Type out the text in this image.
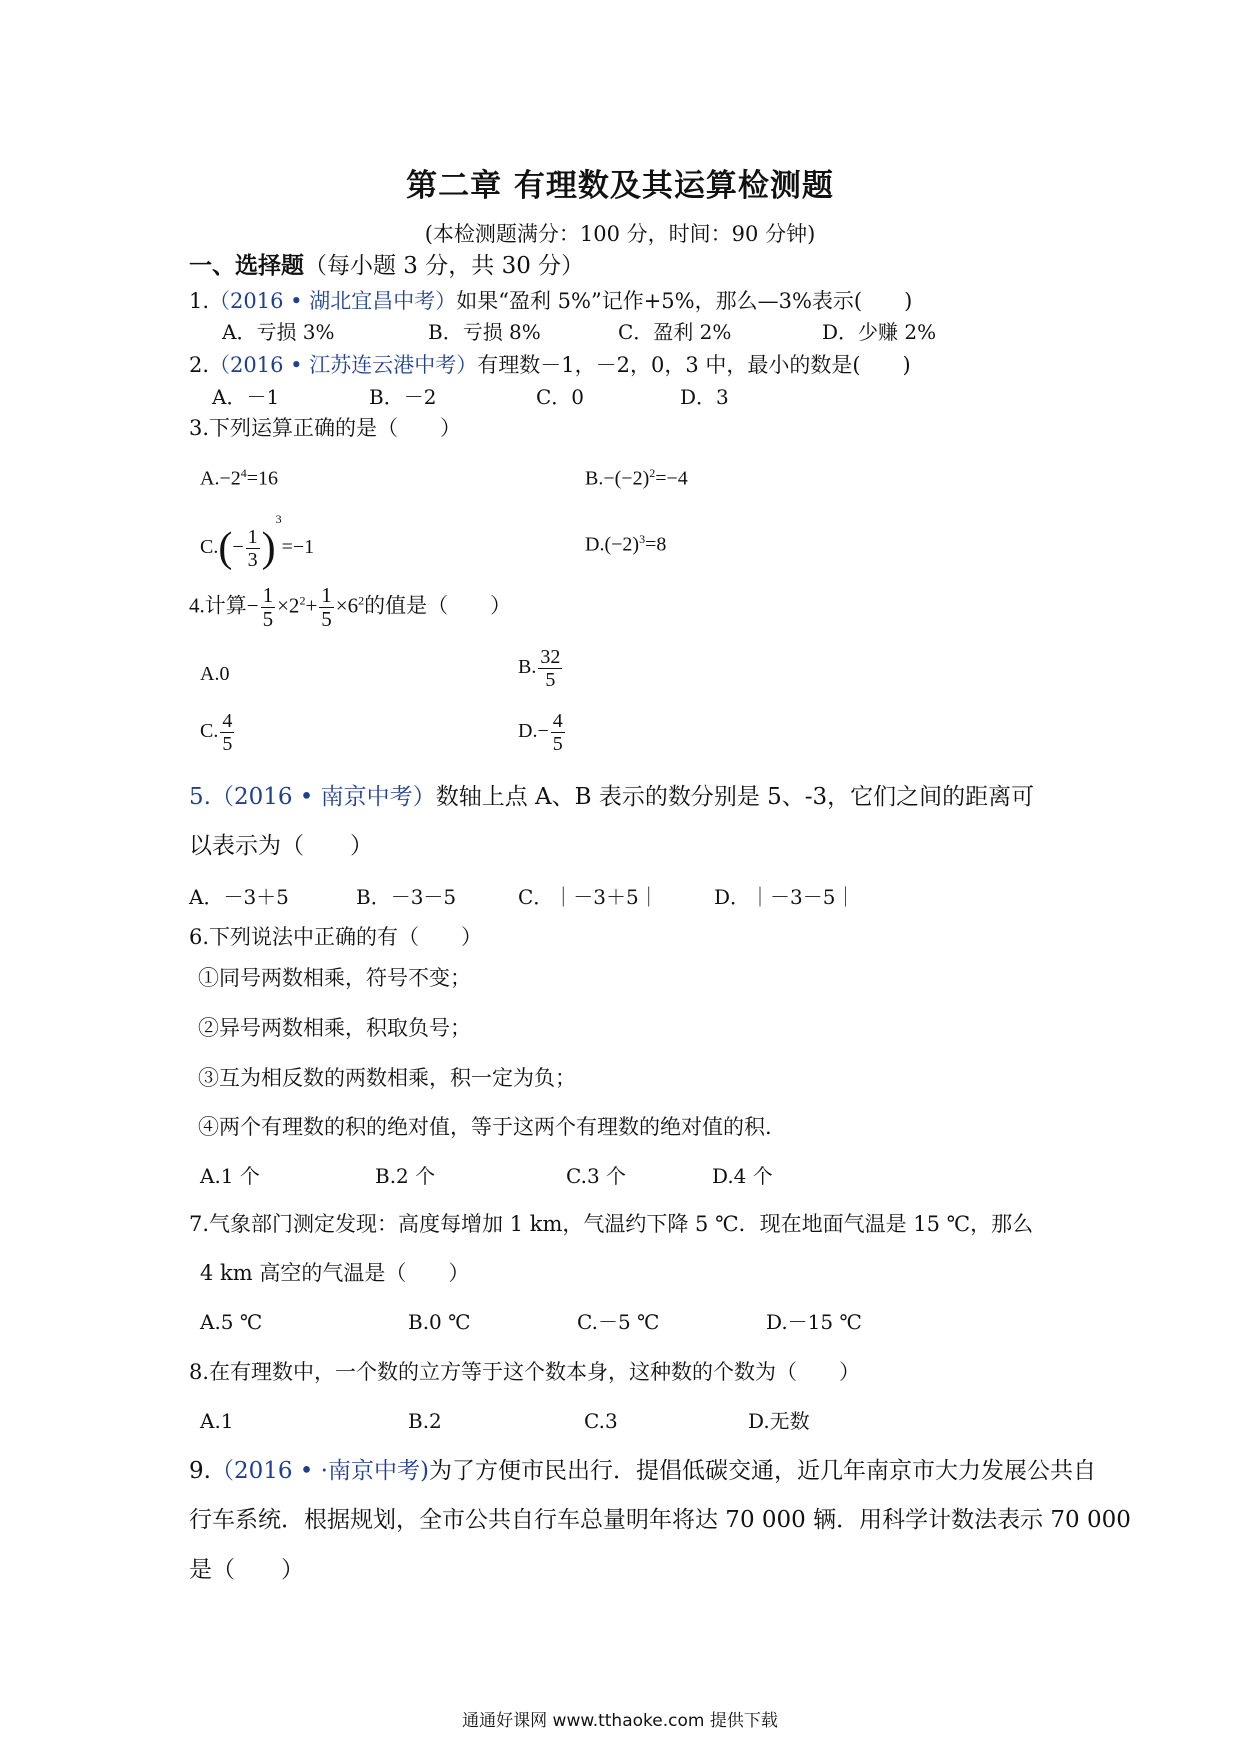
第二章 有理数及其运算检测题
(本检测题满分：100 分，时间：90 分钟)
一、选择题（每小题 3 分，共 30 分）
1.（2016 • 湖北宜昌中考）如果“盈利 5%”记作+5%，那么—3%表示(　　)
A．亏损 3%	B．亏损 8%	C．盈利 2%	D．少赚 2%
2.（2016 • 江苏连云港中考）有理数－1，－2，0，3 中，最小的数是(　　)
A．－1	B．－2	C．0	D．3
3.下列运算正确的是（　　）
$A.-2^4=16$	$B.-(-2)^2=-4$
$C.(- \frac{1}{3} )^3=-1$	$D.(-2)^3=8$
4.计算− $\frac{1}{5} \times 2^2+ \frac{1}{5} \times 6^2$的值是（　　）
A.0	B. $\frac{32}{5}$
C. $\frac{4}{5}$	$D.- \frac{4}{5}$
5.（2016 • 南京中考）数轴上点 A、B 表示的数分别是 5、-3，它们之间的距离可
以表示为（　　）
A．－3＋5	B．－3－5	C．｜－3＋5｜	D．｜－3－5｜
6.下列说法中正确的有（　　）
①同号两数相乘，符号不变；
②异号两数相乘，积取负号；
③互为相反数的两数相乘，积一定为负；
④两个有理数的积的绝对值，等于这两个有理数的绝对值的积.
A.1 个	B.2 个	C.3 个	D.4 个
7.气象部门测定发现：高度每增加 1 km，气温约下降 5 ℃．现在地面气温是 15 ℃，那么
4 km 高空的气温是（　　）
A.5 ℃	B.0 ℃	C.－5 ℃	D.－15 ℃
8.在有理数中，一个数的立方等于这个数本身，这种数的个数为（　　）
A.1	B.2	C.3	D.无数
9.（2016 • ·南京中考)为了方便市民出行．提倡低碳交通，近几年南京市大力发展公共自
行车系统．根据规划，全市公共自行车总量明年将达 70 000 辆．用科学计数法表示 70 000
是（　　）
通通好课网 www.tthaoke.com 提供下载
